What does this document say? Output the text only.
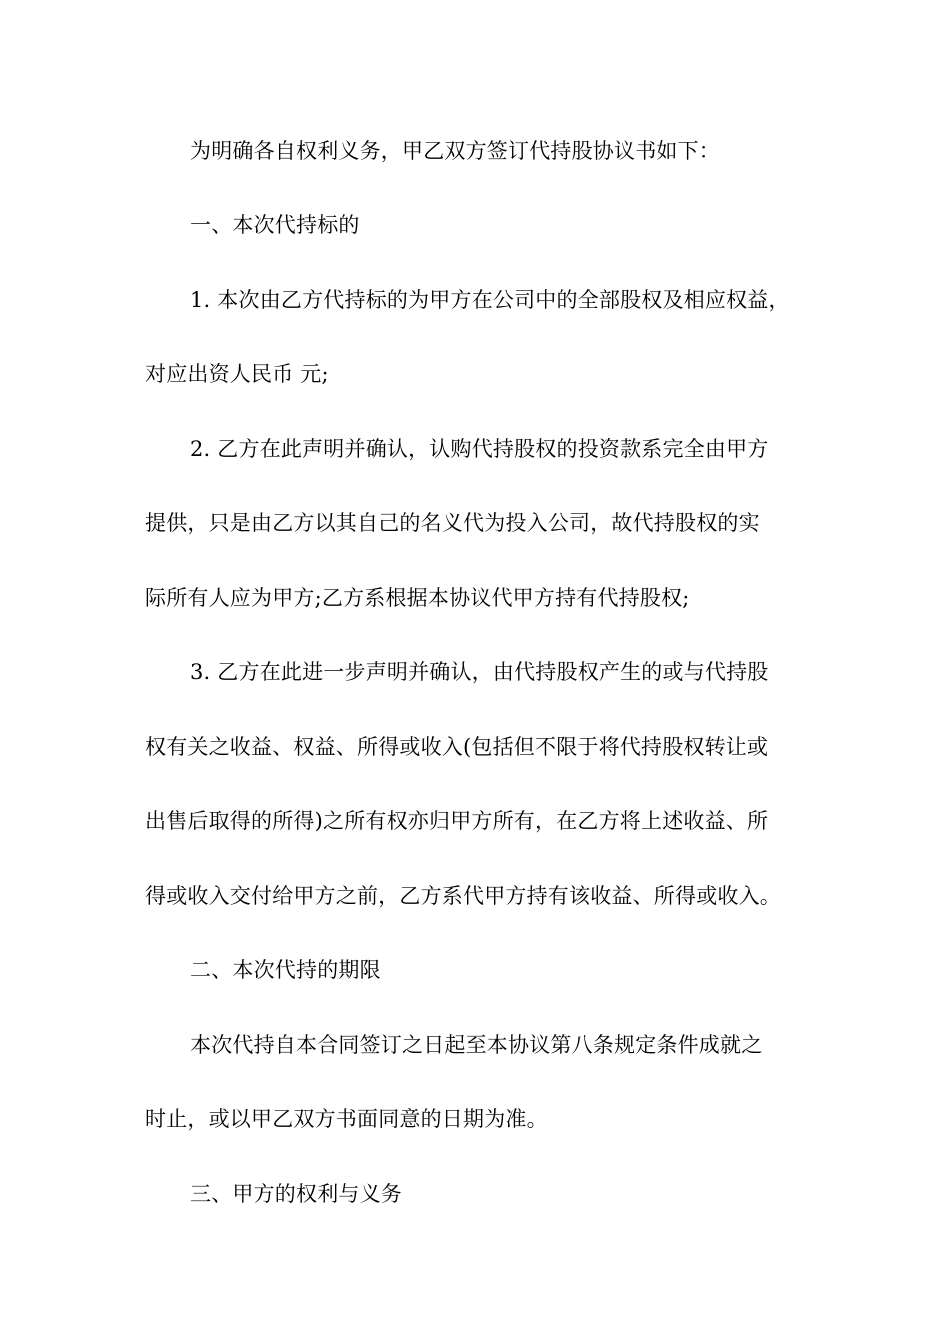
为明确各自权利义务，甲乙双方签订代持股协议书如下：
一、本次代持标的
1. 本次由乙方代持标的为甲方在公司中的全部股权及相应权益，
对应出资人民币 元;
2. 乙方在此声明并确认，认购代持股权的投资款系完全由甲方
提供，只是由乙方以其自己的名义代为投入公司，故代持股权的实
际所有人应为甲方;乙方系根据本协议代甲方持有代持股权;
3. 乙方在此进一步声明并确认，由代持股权产生的或与代持股
权有关之收益、权益、所得或收入(包括但不限于将代持股权转让或
出售后取得的所得)之所有权亦归甲方所有，在乙方将上述收益、所
得或收入交付给甲方之前，乙方系代甲方持有该收益、所得或收入。
二、本次代持的期限
本次代持自本合同签订之日起至本协议第八条规定条件成就之
时止，或以甲乙双方书面同意的日期为准。
三、甲方的权利与义务
